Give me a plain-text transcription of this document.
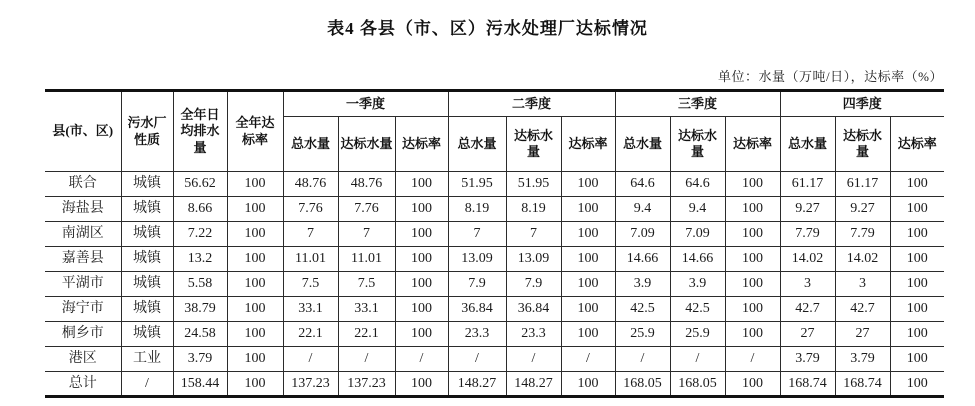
表4 各县（市、区）污水处理厂达标情况
单位：水量（万吨/日），达标率（%）
县(市、区)	污水厂性质	全年日均排水量	全年达标率	一季度			二季度			三季度			四季度		
				总水量	达标水量	达标率	总水量	达标水量	达标率	总水量	达标水量	达标率	总水量	达标水量	达标率
联合	城镇	56.62	100	48.76	48.76	100	51.95	51.95	100	64.6	64.6	100	61.17	61.17	100
海盐县	城镇	8.66	100	7.76	7.76	100	8.19	8.19	100	9.4	9.4	100	9.27	9.27	100
南湖区	城镇	7.22	100	7	7	100	7	7	100	7.09	7.09	100	7.79	7.79	100
嘉善县	城镇	13.2	100	11.01	11.01	100	13.09	13.09	100	14.66	14.66	100	14.02	14.02	100
平湖市	城镇	5.58	100	7.5	7.5	100	7.9	7.9	100	3.9	3.9	100	3	3	100
海宁市	城镇	38.79	100	33.1	33.1	100	36.84	36.84	100	42.5	42.5	100	42.7	42.7	100
桐乡市	城镇	24.58	100	22.1	22.1	100	23.3	23.3	100	25.9	25.9	100	27	27	100
港区	工业	3.79	100	/	/	/	/	/	/	/	/	/	3.79	3.79	100
总计	/	158.44	100	137.23	137.23	100	148.27	148.27	100	168.05	168.05	100	168.74	168.74	100
